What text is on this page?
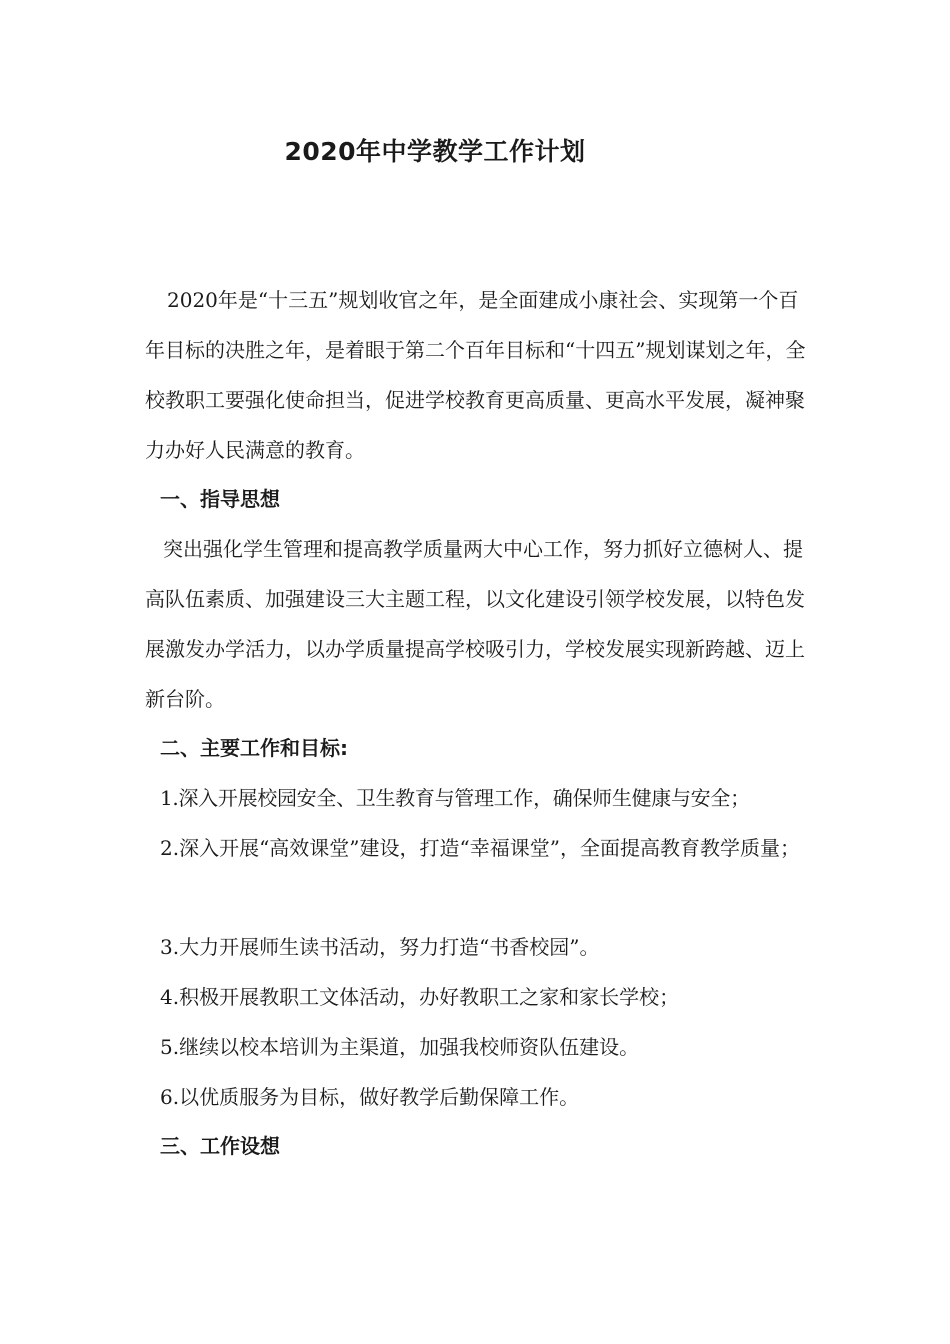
2020年中学教学工作计划

2020年是“十三五”规划收官之年，是全面建成小康社会、实现第一个百年目标的决胜之年，是着眼于第二个百年目标和“十四五”规划谋划之年，全校教职工要强化使命担当，促进学校教育更高质量、更高水平发展，凝神聚力办好人民满意的教育。

一、指导思想

突出强化学生管理和提高教学质量两大中心工作，努力抓好立德树人、提高队伍素质、加强建设三大主题工程，以文化建设引领学校发展，以特色发展激发办学活力，以办学质量提高学校吸引力，学校发展实现新跨越、迈上新台阶。

二、主要工作和目标:

1.深入开展校园安全、卫生教育与管理工作，确保师生健康与安全；

2.深入开展“高效课堂”建设，打造“幸福课堂”，全面提高教育教学质量；

3.大力开展师生读书活动，努力打造“书香校园”。

4.积极开展教职工文体活动，办好教职工之家和家长学校；

5.继续以校本培训为主渠道，加强我校师资队伍建设。

6.以优质服务为目标，做好教学后勤保障工作。

三、工作设想
